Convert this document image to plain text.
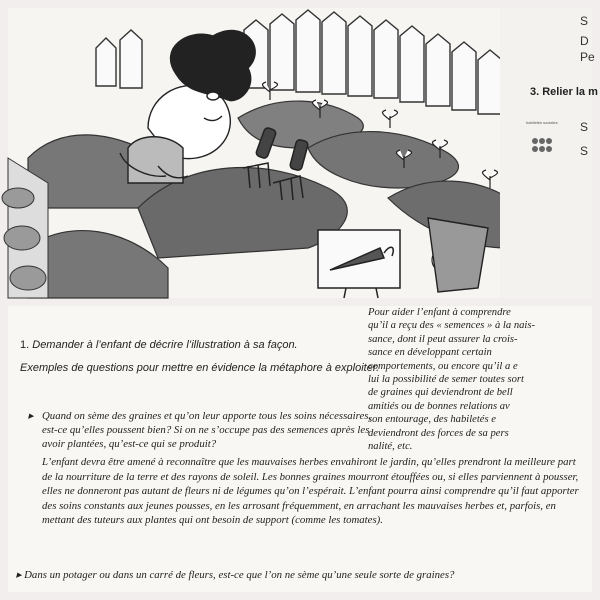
S
D
Pe
3. Relier la m
habiletés sociales S
S
1. Demander à l’enfant de décrire l’illustration à sa façon.
Exemples de questions pour mettre en évidence la métaphore à exploiter.

Pour aider l’enfant à comprendre

qu’il a reçu des « semences » à la nais-

sance, dont il peut assurer la crois-

sance en développant certain

comportements, ou encore qu’il a e

lui la possibilité de semer toutes sort

de graines qui deviendront de bell

amitiés ou de bonnes relations av

son entourage, des habiletés e

deviendront des forces de sa pers

nalité, etc.

▸ Quand on sème des graines et qu’on leur apporte tous les soins nécessaires, est-ce qu’elles poussent bien? Si on ne s’occupe pas des semences après les avoir plantées, qu’est-ce qui se produit?
L’enfant devra être amené à reconnaître que les mauvaises herbes envahiront le jardin, qu’elles prendront la meilleure part de la nourriture de la terre et des rayons de soleil. Les bonnes graines mourront étouffées ou, si elles parviennent à pousser, elles ne donneront pas autant de fleurs ni de légumes qu’on l’espérait. L’enfant pourra ainsi comprendre qu’il faut apporter des soins constants aux jeunes pousses, en les arrosant fréquemment, en arrachant les mauvaises herbes et, parfois, en mettant des tuteurs aux plantes qui ont besoin de support (comme les tomates).
▸ Dans un potager ou dans un carré de fleurs, est-ce que l’on ne sème qu’une seule sorte de graines?
